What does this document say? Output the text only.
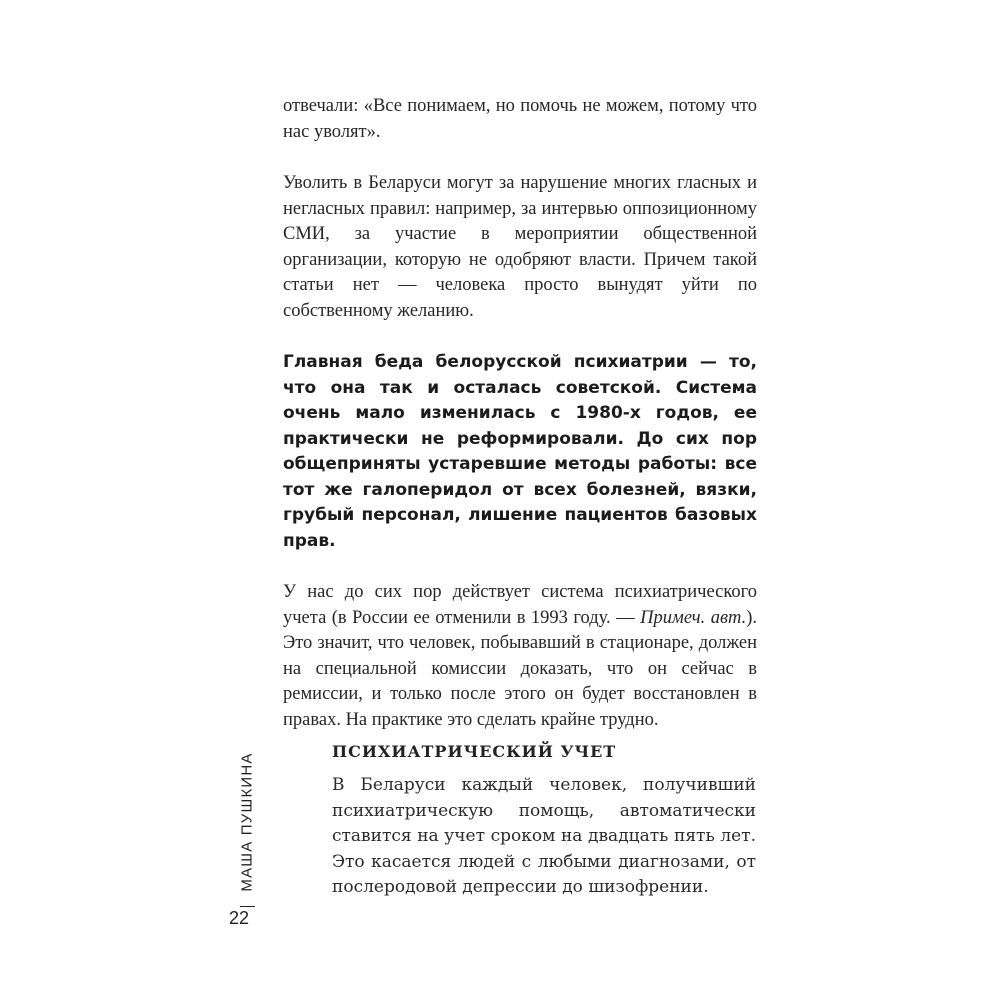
отвечали: «Все понимаем, но помочь не можем, потому что нас уволят».

Уволить в Беларуси могут за нарушение многих гласных и негласных правил: например, за интервью оппозиционному СМИ, за участие в мероприятии общественной организации, которую не одобряют власти. Причем такой статьи нет — человека просто вынудят уйти по собственному желанию.

Главная беда белорусской психиатрии — то, что она так и осталась советской. Система очень мало изменилась с 1980-х годов, ее практически не реформировали. До сих пор общеприняты устаревшие методы работы: все тот же галоперидол от всех болезней, вязки, грубый персонал, лишение пациентов базовых прав.

У нас до сих пор действует система психиатрического учета (в России ее отменили в 1993 году. — Примеч. авт.). Это значит, что человек, побывавший в стационаре, должен на специальной комиссии доказать, что он сейчас в ремиссии, и только после этого он будет восстановлен в правах. На практике это сделать крайне трудно.

ПСИХИАТРИЧЕСКИЙ УЧЕТ

В Беларуси каждый человек, получивший психиатрическую помощь, автоматически ставится на учет сроком на двадцать пять лет. Это касается людей с любыми диагнозами, от послеродовой депрессии до шизофрении.

МАША ПУШКИНА
22
